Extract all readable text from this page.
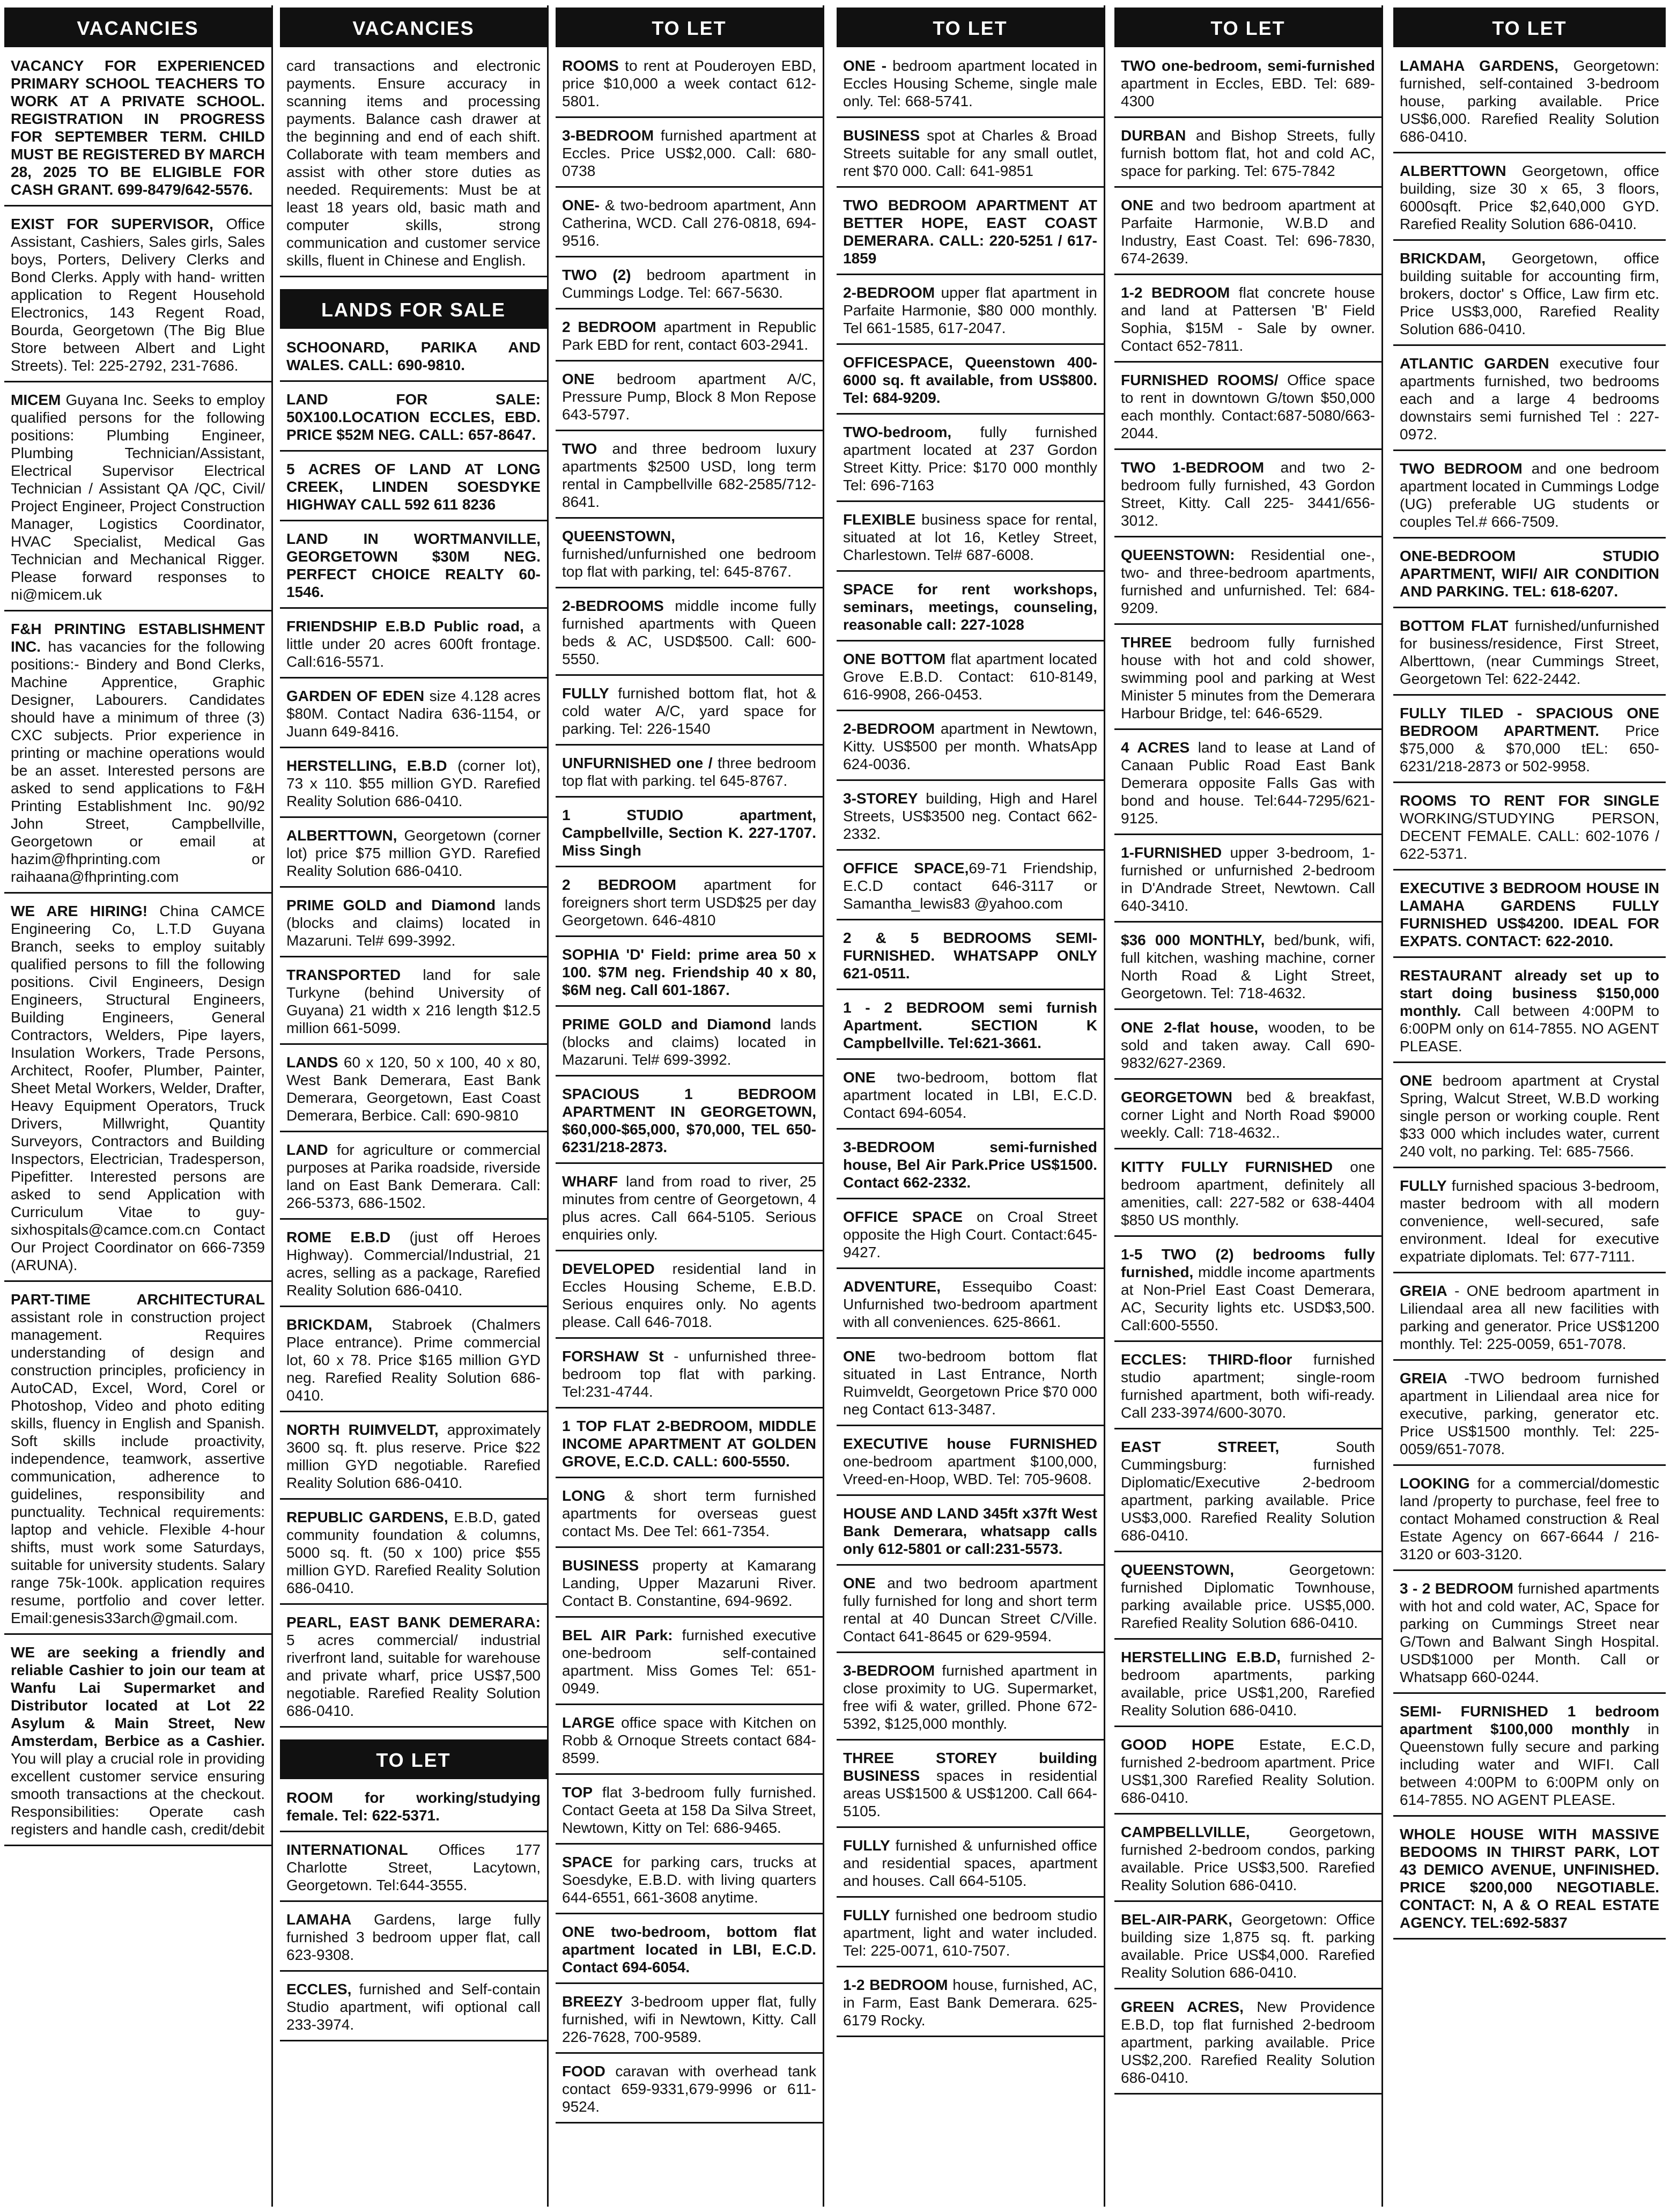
VACANCIES
VACANCY FOR EXPERIENCED PRIMARY SCHOOL TEACHERS TO WORK AT A PRIVATE SCHOOL. REGISTRATION IN PROGRESS FOR SEPTEMBER TERM. CHILD MUST BE REGISTERED BY MARCH 28, 2025 TO BE ELIGIBLE FOR CASH GRANT. 699-8479/642-5576.
EXIST FOR SUPERVISOR, Office Assistant, Cashiers, Sales girls, Sales boys, Porters, Delivery Clerks and Bond Clerks. Apply with hand- written application to Regent Household Electronics, 143 Regent Road, Bourda, Georgetown (The Big Blue Store between Albert and Light Streets). Tel: 225-2792, 231-7686.
MICEM Guyana Inc. Seeks to employ qualified persons for the following positions: Plumbing Engineer, Plumbing Technician/Assistant, Electrical Supervisor Electrical Technician / Assistant QA /QC, Civil/ Project Engineer, Project Construction Manager, Logistics Coordinator, HVAC Specialist, Medical Gas Technician and Mechanical Rigger. Please forward responses to ni@micem.uk
F&H PRINTING ESTABLISHMENT INC. has vacancies for the following positions:- Bindery and Bond Clerks, Machine Apprentice, Graphic Designer, Labourers. Candidates should have a minimum of three (3) CXC subjects. Prior experience in printing or machine operations would be an asset. Interested persons are asked to send applications to F&H Printing Establishment Inc. 90/92 John Street, Campbellville, Georgetown or email at hazim@fhprinting.com or raihaana@fhprinting.com
WE ARE HIRING! China CAMCE Engineering Co, L.T.D Guyana Branch, seeks to employ suitably qualified persons to fill the following positions. Civil Engineers, Design Engineers, Structural Engineers, Building Engineers, General Contractors, Welders, Pipe layers, Insulation Workers, Trade Persons, Architect, Roofer, Plumber, Painter, Sheet Metal Workers, Welder, Drafter, Heavy Equipment Operators, Truck Drivers, Millwright, Quantity Surveyors, Contractors and Building Inspectors, Electrician, Tradesperson, Pipefitter. Interested persons are asked to send Application with Curriculum Vitae to guysixhospitals@camce.com.cn Contact Our Project Coordinator on 666-7359 (ARUNA).
PART-TIME ARCHITECTURAL assistant role in construction project management. Requires understanding of design and construction principles, proficiency in AutoCAD, Excel, Word, Corel or Photoshop, Video and photo editing skills, fluency in English and Spanish. Soft skills include proactivity, independence, teamwork, assertive communication, adherence to guidelines, responsibility and punctuality. Technical requirements: laptop and vehicle. Flexible 4-hour shifts, must work some Saturdays, suitable for university students. Salary range 75k-100k. application requires resume, portfolio and cover letter. Email:genesis33arch@gmail.com.
WE are seeking a friendly and reliable Cashier to join our team at Wanfu Lai Supermarket and Distributor located at Lot 22 Asylum & Main Street, New Amsterdam, Berbice as a Cashier. You will play a crucial role in providing excellent customer service ensuring smooth transactions at the checkout. Responsibilities: Operate cash registers and handle cash, credit/debit
VACANCIES
card transactions and electronic payments. Ensure accuracy in scanning items and processing payments. Balance cash drawer at the beginning and end of each shift. Collaborate with team members and assist with other store duties as needed. Requirements: Must be at least 18 years old, basic math and computer skills, strong communication and customer service skills, fluent in Chinese and English.
LANDS FOR SALE
SCHOONARD, PARIKA AND WALES. CALL: 690-9810.
LAND FOR SALE: 50X100.LOCATION ECCLES, EBD. PRICE $52M NEG. CALL: 657-8647.
5 ACRES OF LAND AT LONG CREEK, LINDEN SOESDYKE HIGHWAY CALL 592 611 8236
LAND IN WORTMANVILLE, GEORGETOWN $30M NEG. PERFECT CHOICE REALTY 60-1546.
FRIENDSHIP E.B.D Public road, a little under 20 acres 600ft frontage. Call:616-5571.
GARDEN OF EDEN size 4.128 acres $80M. Contact Nadira 636-1154, or Juann 649-8416.
HERSTELLING, E.B.D (corner lot), 73 x 110. $55 million GYD. Rarefied Reality Solution 686-0410.
ALBERTTOWN, Georgetown (corner lot) price $75 million GYD. Rarefied Reality Solution 686-0410.
PRIME GOLD and Diamond lands (blocks and claims) located in Mazaruni. Tel# 699-3992.
TRANSPORTED land for sale Turkyne (behind University of Guyana) 21 width x 216 length $12.5 million 661-5099.
LANDS 60 x 120, 50 x 100, 40 x 80, West Bank Demerara, East Bank Demerara, Georgetown, East Coast Demerara, Berbice. Call: 690-9810
LAND for agriculture or commercial purposes at Parika roadside, riverside land on East Bank Demerara. Call: 266-5373, 686-1502.
ROME E.B.D (just off Heroes Highway). Commercial/Industrial, 21 acres, selling as a package, Rarefied Reality Solution 686-0410.
BRICKDAM, Stabroek (Chalmers Place entrance). Prime commercial lot, 60 x 78. Price $165 million GYD neg. Rarefied Reality Solution 686-0410.
NORTH RUIMVELDT, approximately 3600 sq. ft. plus reserve. Price $22 million GYD negotiable. Rarefied Reality Solution 686-0410.
REPUBLIC GARDENS, E.B.D, gated community foundation & columns, 5000 sq. ft. (50 x 100) price $55 million GYD. Rarefied Reality Solution 686-0410.
PEARL, EAST BANK DEMERARA: 5 acres commercial/ industrial riverfront land, suitable for warehouse and private wharf, price US$7,500 negotiable. Rarefied Reality Solution 686-0410.
TO LET
ROOM for working/studying female. Tel: 622-5371.
INTERNATIONAL Offices 177 Charlotte Street, Lacytown, Georgetown. Tel:644-3555.
LAMAHA Gardens, large fully furnished 3 bedroom upper flat, call 623-9308.
ECCLES, furnished and Self-contain Studio apartment, wifi optional call 233-3974.
TO LET
ROOMS to rent at Pouderoyen EBD, price $10,000 a week contact 612-5801.
3-BEDROOM furnished apartment at Eccles. Price US$2,000. Call: 680-0738
ONE- & two-bedroom apartment, Ann Catherina, WCD. Call 276-0818, 694-9516.
TWO (2) bedroom apartment in Cummings Lodge. Tel: 667-5630.
2 BEDROOM apartment in Republic Park EBD for rent, contact 603-2941.
ONE bedroom apartment A/C, Pressure Pump, Block 8 Mon Repose 643-5797.
TWO and three bedroom luxury apartments $2500 USD, long term rental in Campbellville 682-2585/712-8641.
QUEENSTOWN, furnished/unfurnished one bedroom top flat with parking, tel: 645-8767.
2-BEDROOMS middle income fully furnished apartments with Queen beds & AC, USD$500. Call: 600-5550.
FULLY furnished bottom flat, hot & cold water A/C, yard space for parking. Tel: 226-1540
UNFURNISHED one / three bedroom top flat with parking. tel 645-8767.
1 STUDIO apartment, Campbellville, Section K. 227-1707. Miss Singh
2 BEDROOM apartment for foreigners short term USD$25 per day Georgetown. 646-4810
SOPHIA 'D' Field: prime area 50 x 100. $7M neg. Friendship 40 x 80, $6M neg. Call 601-1867.
PRIME GOLD and Diamond lands (blocks and claims) located in Mazaruni. Tel# 699-3992.
SPACIOUS 1 BEDROOM APARTMENT IN GEORGETOWN, $60,000-$65,000, $70,000, TEL 650-6231/218-2873.
WHARF land from road to river, 25 minutes from centre of Georgetown, 4 plus acres. Call 664-5105. Serious enquiries only.
DEVELOPED residential land in Eccles Housing Scheme, E.B.D. Serious enquires only. No agents please. Call 646-7018.
FORSHAW St - unfurnished three-bedroom top flat with parking. Tel:231-4744.
1 TOP FLAT 2-BEDROOM, MIDDLE INCOME APARTMENT AT GOLDEN GROVE, E.C.D. CALL: 600-5550.
LONG & short term furnished apartments for overseas guest contact Ms. Dee Tel: 661-7354.
BUSINESS property at Kamarang Landing, Upper Mazaruni River. Contact B. Constantine, 694-9692.
BEL AIR Park: furnished executive one-bedroom self-contained apartment. Miss Gomes Tel: 651-0949.
LARGE office space with Kitchen on Robb & Ornoque Streets contact 684-8599.
TOP flat 3-bedroom fully furnished. Contact Geeta at 158 Da Silva Street, Newtown, Kitty on Tel: 686-9465.
SPACE for parking cars, trucks at Soesdyke, E.B.D. with living quarters 644-6551, 661-3608 anytime.
ONE two-bedroom, bottom flat apartment located in LBI, E.C.D. Contact 694-6054.
BREEZY 3-bedroom upper flat, fully furnished, wifi in Newtown, Kitty. Call 226-7628, 700-9589.
FOOD caravan with overhead tank contact 659-9331,679-9996 or 611-9524.
TO LET
ONE - bedroom apartment located in Eccles Housing Scheme, single male only. Tel: 668-5741.
BUSINESS spot at Charles & Broad Streets suitable for any small outlet, rent $70 000. Call: 641-9851
TWO BEDROOM APARTMENT AT BETTER HOPE, EAST COAST DEMERARA. CALL: 220-5251 / 617-1859
2-BEDROOM upper flat apartment in Parfaite Harmonie, $80 000 monthly. Tel 661-1585, 617-2047.
OFFICESPACE, Queenstown 400-6000 sq. ft available, from US$800. Tel: 684-9209.
TWO-bedroom, fully furnished apartment located at 237 Gordon Street Kitty. Price: $170 000 monthly Tel: 696-7163
FLEXIBLE business space for rental, situated at lot 16, Ketley Street, Charlestown. Tel# 687-6008.
SPACE for rent workshops, seminars, meetings, counseling, reasonable call: 227-1028
ONE BOTTOM flat apartment located Grove E.B.D. Contact: 610-8149, 616-9908, 266-0453.
2-BEDROOM apartment in Newtown, Kitty. US$500 per month. WhatsApp 624-0036.
3-STOREY building, High and Harel Streets, US$3500 neg. Contact 662-2332.
OFFICE SPACE,69-71 Friendship, E.C.D contact 646-3117 or Samantha_lewis83 @yahoo.com
2 & 5 BEDROOMS SEMI-FURNISHED. WHATSAPP ONLY 621-0511.
1 - 2 BEDROOM semi furnish Apartment. SECTION K Campbellville. Tel:621-3661.
ONE two-bedroom, bottom flat apartment located in LBI, E.C.D. Contact 694-6054.
3-BEDROOM semi-furnished house, Bel Air Park.Price US$1500. Contact 662-2332.
OFFICE SPACE on Croal Street opposite the High Court. Contact:645-9427.
ADVENTURE, Essequibo Coast: Unfurnished two-bedroom apartment with all conveniences. 625-8661.
ONE two-bedroom bottom flat situated in Last Entrance, North Ruimveldt, Georgetown Price $70 000 neg Contact 613-3487.
EXECUTIVE house FURNISHED one-bedroom apartment $100,000, Vreed-en-Hoop, WBD. Tel: 705-9608.
HOUSE AND LAND 345ft x37ft West Bank Demerara, whatsapp calls only 612-5801 or call:231-5573.
ONE and two bedroom apartment fully furnished for long and short term rental at 40 Duncan Street C/Ville. Contact 641-8645 or 629-9594.
3-BEDROOM furnished apartment in close proximity to UG. Supermarket, free wifi & water, grilled. Phone 672-5392, $125,000 monthly.
THREE STOREY building BUSINESS spaces in residential areas US$1500 & US$1200. Call 664-5105.
FULLY furnished & unfurnished office and residential spaces, apartment and houses. Call 664-5105.
FULLY furnished one bedroom studio apartment, light and water included. Tel: 225-0071, 610-7507.
1-2 BEDROOM house, furnished, AC, in Farm, East Bank Demerara. 625-6179 Rocky.
TO LET
TWO one-bedroom, semi-furnished apartment in Eccles, EBD. Tel: 689-4300
DURBAN and Bishop Streets, fully furnish bottom flat, hot and cold AC, space for parking. Tel: 675-7842
ONE and two bedroom apartment at Parfaite Harmonie, W.B.D and Industry, East Coast. Tel: 696-7830, 674-2639.
1-2 BEDROOM flat concrete house and land at Pattersen 'B' Field Sophia, $15M - Sale by owner. Contact 652-7811.
FURNISHED ROOMS/ Office space to rent in downtown G/town $50,000 each monthly. Contact:687-5080/663-2044.
TWO 1-BEDROOM and two 2-bedroom fully furnished, 43 Gordon Street, Kitty. Call 225- 3441/656-3012.
QUEENSTOWN: Residential one-, two- and three-bedroom apartments, furnished and unfurnished. Tel: 684-9209.
THREE bedroom fully furnished house with hot and cold shower, swimming pool and parking at West Minister 5 minutes from the Demerara Harbour Bridge, tel: 646-6529.
4 ACRES land to lease at Land of Canaan Public Road East Bank Demerara opposite Falls Gas with bond and house. Tel:644-7295/621-9125.
1-FURNISHED upper 3-bedroom, 1-furnished or unfurnished 2-bedroom in D'Andrade Street, Newtown. Call 640-3410.
$36 000 MONTHLY, bed/bunk, wifi, full kitchen, washing machine, corner North Road & Light Street, Georgetown. Tel: 718-4632.
ONE 2-flat house, wooden, to be sold and taken away. Call 690-9832/627-2369.
GEORGETOWN bed & breakfast, corner Light and North Road $9000 weekly. Call: 718-4632..
KITTY FULLY FURNISHED one bedroom apartment, definitely all amenities, call: 227-582 or 638-4404 $850 US monthly.
1-5 TWO (2) bedrooms fully furnished, middle income apartments at Non-Priel East Coast Demerara, AC, Security lights etc. USD$3,500. Call:600-5550.
ECCLES: THIRD-floor furnished studio apartment; single-room furnished apartment, both wifi-ready. Call 233-3974/600-3070.
EAST STREET, South Cummingsburg: furnished Diplomatic/Executive 2-bedroom apartment, parking available. Price US$3,000. Rarefied Reality Solution 686-0410.
QUEENSTOWN, Georgetown: furnished Diplomatic Townhouse, parking available price. US$5,000. Rarefied Reality Solution 686-0410.
HERSTELLING E.B.D, furnished 2-bedroom apartments, parking available, price US$1,200, Rarefied Reality Solution 686-0410.
GOOD HOPE Estate, E.C.D, furnished 2-bedroom apartment. Price US$1,300 Rarefied Reality Solution. 686-0410.
CAMPBELLVILLE, Georgetown, furnished 2-bedroom condos, parking available. Price US$3,500. Rarefied Reality Solution 686-0410.
BEL-AIR-PARK, Georgetown: Office building size 1,875 sq. ft. parking available. Price US$4,000. Rarefied Reality Solution 686-0410.
GREEN ACRES, New Providence E.B.D, top flat furnished 2-bedroom apartment, parking available. Price US$2,200. Rarefied Reality Solution 686-0410.
TO LET
LAMAHA GARDENS, Georgetown: furnished, self-contained 3-bedroom house, parking available. Price US$6,000. Rarefied Reality Solution 686-0410.
ALBERTTOWN Georgetown, office building, size 30 x 65, 3 floors, 6000sqft. Price $2,640,000 GYD. Rarefied Reality Solution 686-0410.
BRICKDAM, Georgetown, office building suitable for accounting firm, brokers, doctor' s Office, Law firm etc. Price US$3,000, Rarefied Reality Solution 686-0410.
ATLANTIC GARDEN executive four apartments furnished, two bedrooms each and a large 4 bedrooms downstairs semi furnished Tel : 227-0972.
TWO BEDROOM and one bedroom apartment located in Cummings Lodge (UG) preferable UG students or couples Tel.# 666-7509.
ONE-BEDROOM STUDIO APARTMENT, WIFI/ AIR CONDITION AND PARKING. TEL: 618-6207.
BOTTOM FLAT furnished/unfurnished for business/residence, First Street, Alberttown, (near Cummings Street, Georgetown Tel: 622-2442.
FULLY TILED - SPACIOUS ONE BEDROOM APARTMENT. Price $75,000 & $70,000 tEL: 650-6231/218-2873 or 502-9958.
ROOMS TO RENT FOR SINGLE WORKING/STUDYING PERSON, DECENT FEMALE. CALL: 602-1076 / 622-5371.
EXECUTIVE 3 BEDROOM HOUSE IN LAMAHA GARDENS FULLY FURNISHED US$4200. IDEAL FOR EXPATS. CONTACT: 622-2010.
RESTAURANT already set up to start doing business $150,000 monthly. Call between 4:00PM to 6:00PM only on 614-7855. NO AGENT PLEASE.
ONE bedroom apartment at Crystal Spring, Walcut Street, W.B.D working single person or working couple. Rent $33 000 which includes water, current 240 volt, no parking. Tel: 685-7566.
FULLY furnished spacious 3-bedroom, master bedroom with all modern convenience, well-secured, safe environment. Ideal for executive expatriate diplomats. Tel: 677-7111.
GREIA - ONE bedroom apartment in Liliendaal area all new facilities with parking and generator. Price US$1200 monthly. Tel: 225-0059, 651-7078.
GREIA -TWO bedroom furnished apartment in Liliendaal area nice for executive, parking, generator etc. Price US$1500 monthly. Tel: 225-0059/651-7078.
LOOKING for a commercial/domestic land /property to purchase, feel free to contact Mohamed construction & Real Estate Agency on 667-6644 / 216-3120 or 603-3120.
3 - 2 BEDROOM furnished apartments with hot and cold water, AC, Space for parking on Cummings Street near G/Town and Balwant Singh Hospital. USD$1000 per Month. Call or Whatsapp 660-0244.
SEMI- FURNISHED 1 bedroom apartment $100,000 monthly in Queenstown fully secure and parking including water and WIFI. Call between 4:00PM to 6:00PM only on 614-7855. NO AGENT PLEASE.
WHOLE HOUSE WITH MASSIVE BEDOOMS IN THIRST PARK, LOT 43 DEMICO AVENUE, UNFINISHED. PRICE $200,000 NEGOTIABLE. CONTACT: N, A & O REAL ESTATE AGENCY. TEL:692-5837
